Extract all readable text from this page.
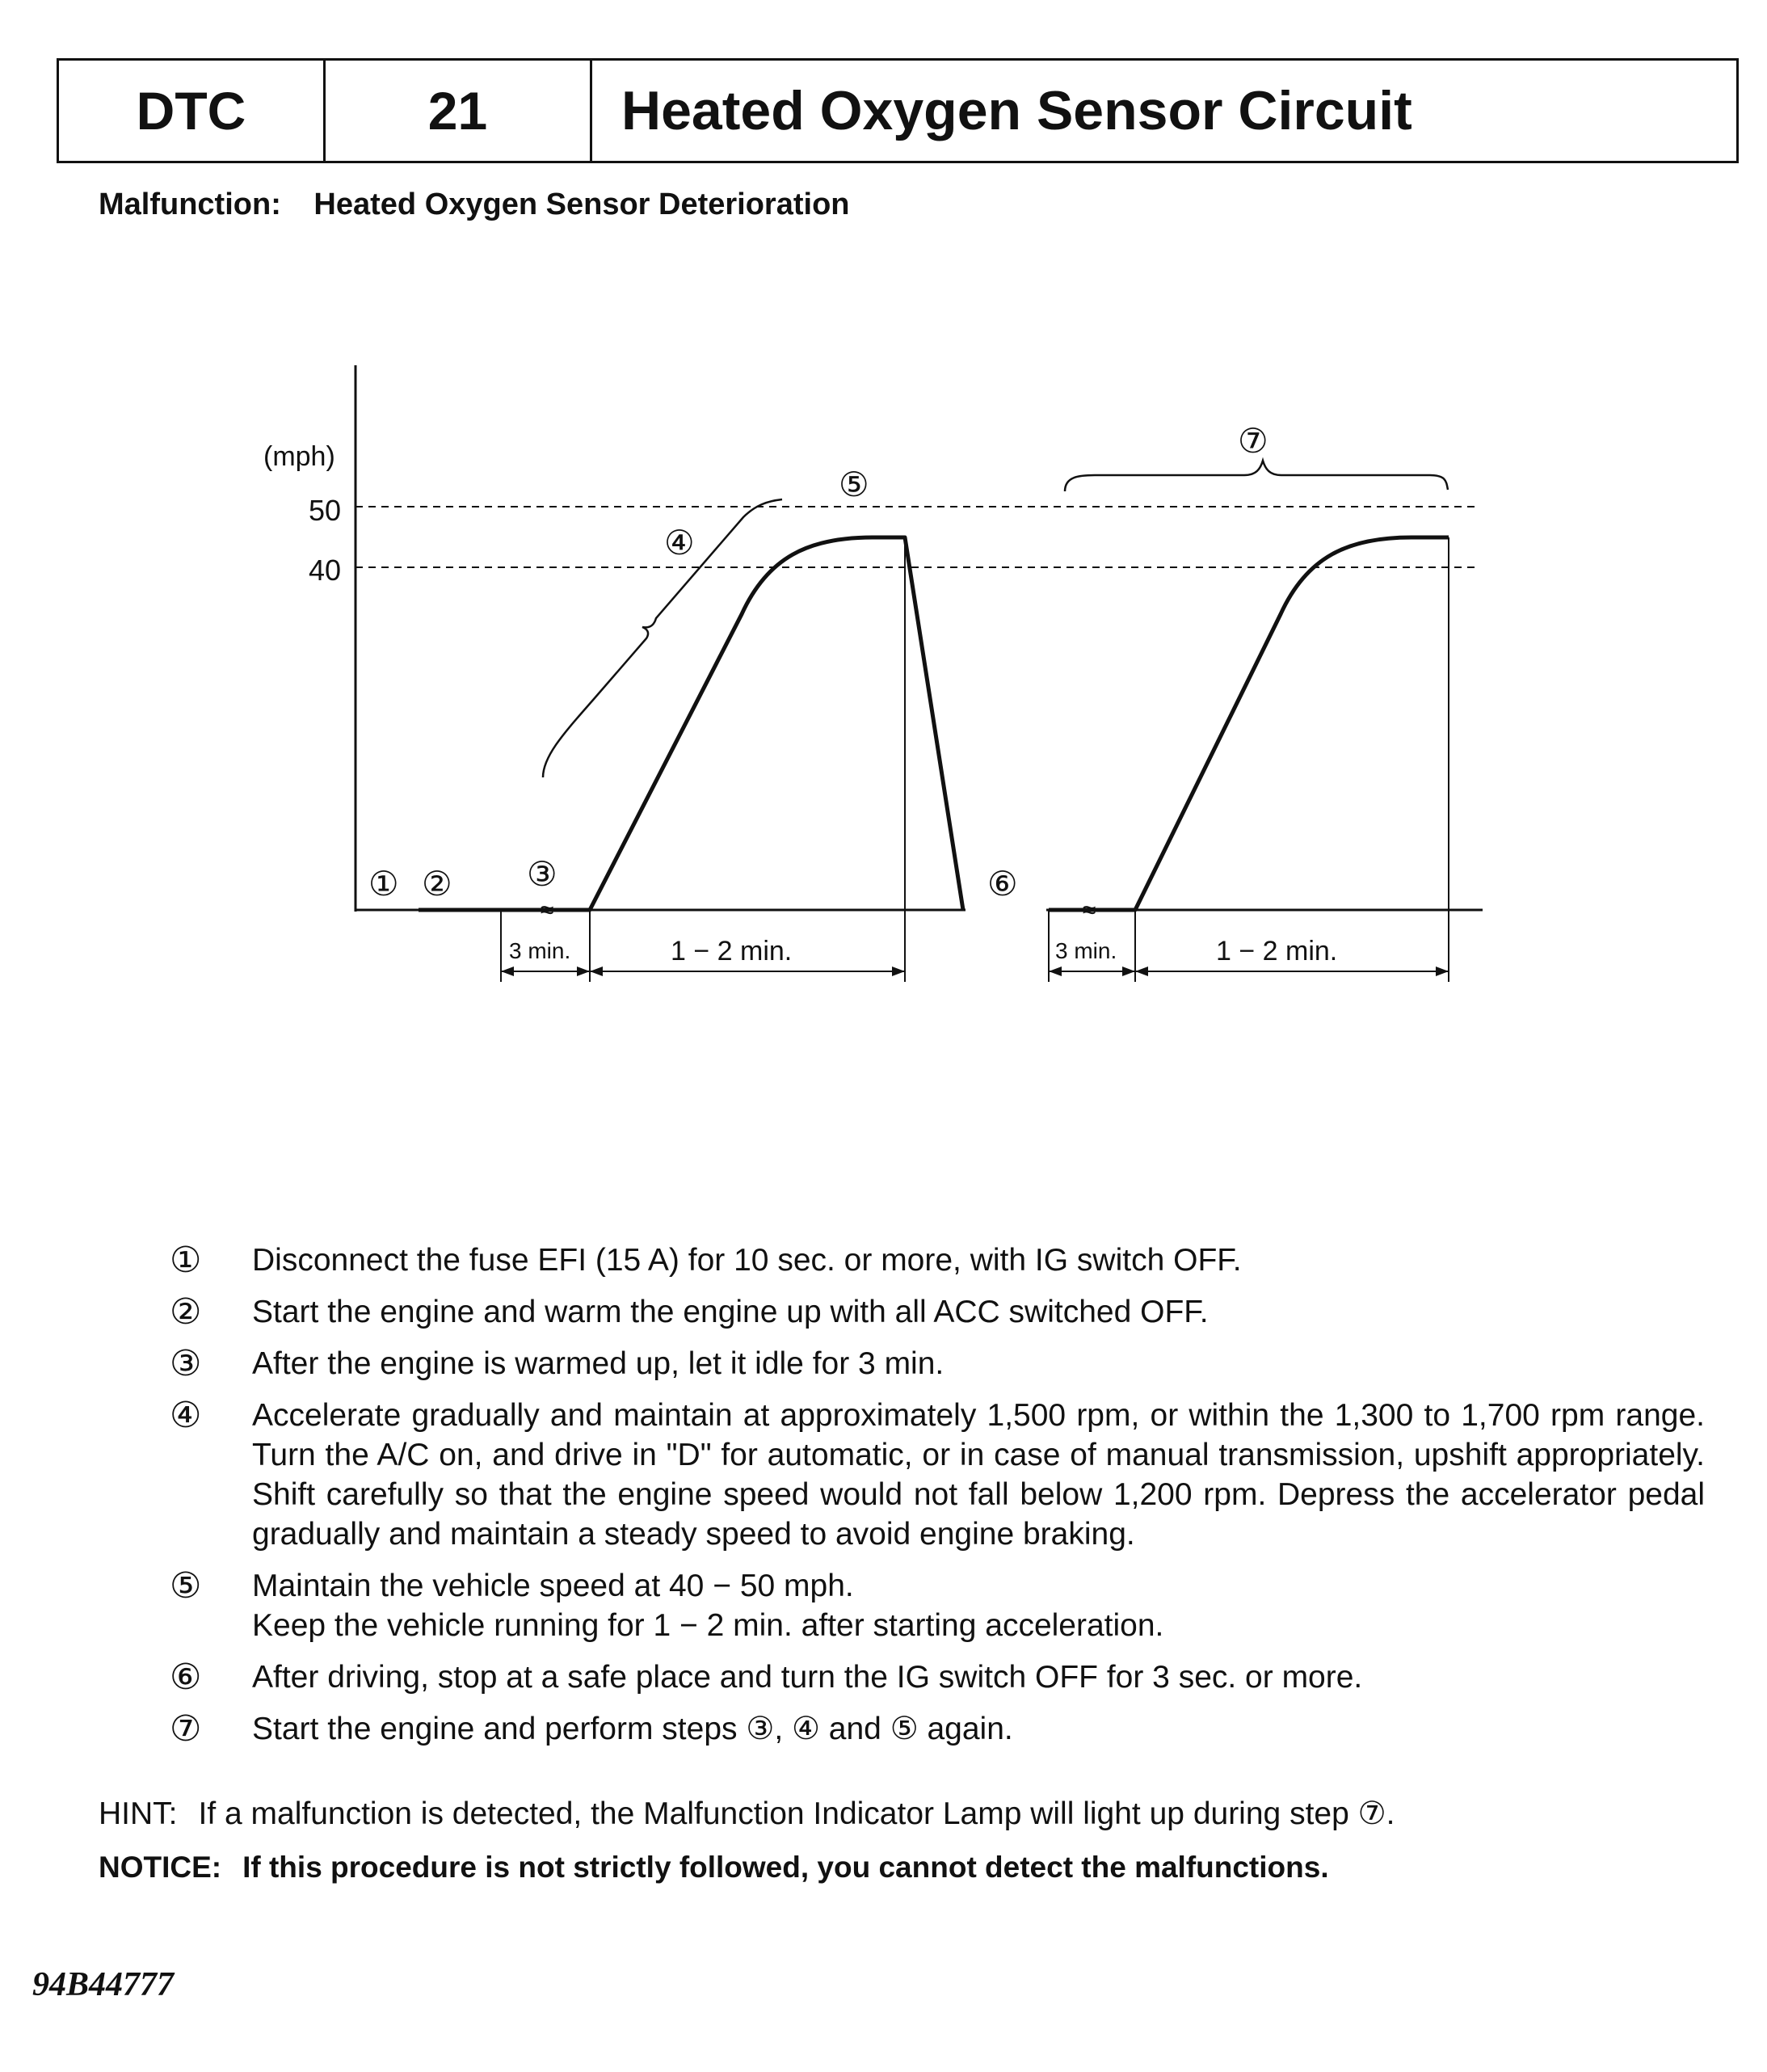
DTC	21	Heated Oxygen Sensor Circuit
Malfunction: Heated Oxygen Sensor Deterioration
(mph)
50
40
≈	≈
① ② ③
④
⑤
⑥
⑦
3 min.	1 − 2 min.	3 min.	1 − 2 min.
①	Disconnect the fuse EFI (15 A) for 10 sec. or more, with IG switch OFF.
②	Start the engine and warm the engine up with all ACC switched OFF.
③	After the engine is warmed up, let it idle for 3 min.
④	Accelerate gradually and maintain at approximately 1,500 rpm, or within the 1,300 to 1,700 rpm range. Turn the A/C on, and drive in "D" for automatic, or in case of manual transmission, upshift appropriately. Shift carefully so that the engine speed would not fall below 1,200 rpm. Depress the accelerator pedal gradually and maintain a steady speed to avoid engine braking.
⑤	Maintain the vehicle speed at 40 − 50 mph.
Keep the vehicle running for 1 − 2 min. after starting acceleration.
⑥	After driving, stop at a safe place and turn the IG switch OFF for 3 sec. or more.
⑦	Start the engine and perform steps ③, ④ and ⑤ again.
HINT: If a malfunction is detected, the Malfunction Indicator Lamp will light up during step ⑦.
NOTICE: If this procedure is not strictly followed, you cannot detect the malfunctions.
94B44777
